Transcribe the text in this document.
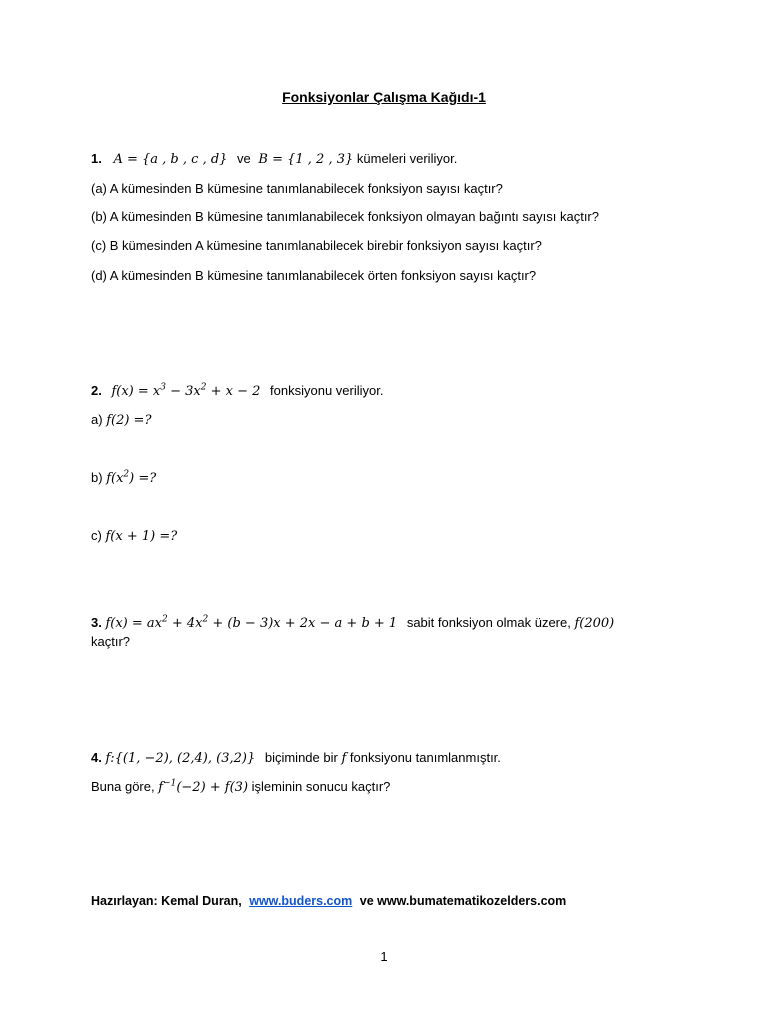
Fonksiyonlar Çalışma Kağıdı-1
1. A = {a , b , c , d} ve B = {1 , 2 , 3} kümeleri veriliyor.
(a) A kümesinden B kümesine tanımlanabilecek fonksiyon sayısı kaçtır?
(b) A kümesinden B kümesine tanımlanabilecek fonksiyon olmayan bağıntı sayısı kaçtır?
(c) B kümesinden A kümesine tanımlanabilecek birebir fonksiyon sayısı kaçtır?
(d) A kümesinden B kümesine tanımlanabilecek örten fonksiyon sayısı kaçtır?
2. $f(x) = x^3 - 3x^2 + x - 2$ fonksiyonu veriliyor.
a) f(2) =?
b) $f(x^2)$ =?
c) f(x + 1) =?
3. $f(x) = ax^2 + 4x^2 + (b - 3)x + 2x - a + b + 1$ sabit fonksiyon olmak üzere, f(200)
kaçtır?
4. f:{(1, −2), (2,4), (3,2)} biçiminde bir f fonksiyonu tanımlanmıştır.
Buna göre, $f^{-1}(-2) + f(3)$ işleminin sonucu kaçtır?
Hazırlayan: Kemal Duran, www.buders.com ve www.bumatematikozelders.com
1
